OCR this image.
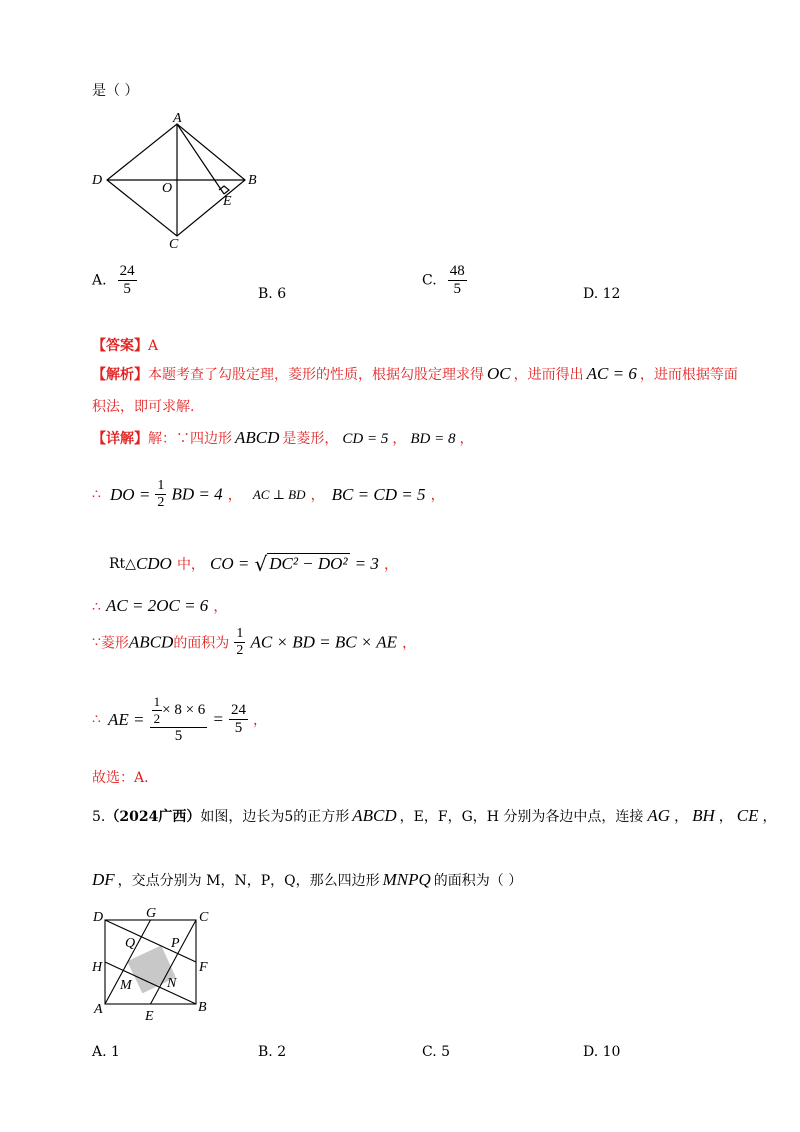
是（ ）
A
B
C
D
O
E
A. $\frac{24}{5}$	B. 6
C. $\frac{48}{5}$	D. 12
【答案】A
【解析】本题考查了勾股定理，菱形的性质，根据勾股定理求得 OC ，进而得出 AC = 6 ，进而根据等面
积法，即可求解.
【详解】解：∵四边形 ABCD 是菱形， CD = 5 ， BD = 8 ，
∴ DO = $\frac{1}{2}$ BD = 4 ， AC ⊥ BD ， BC = CD = 5 ，
Rt△CDO 中， CO = √ DC² − DO² = 3 ，
∴ AC = 2OC = 6 ，
∵菱形ABCD的面积为 $\frac{1}{2}$ AC × BD = BC × AE ，
∴ AE = $\frac{\frac{1}{2} \times 8 \times 6}{5} = \frac{24}{5}$ ，
故选：A.
5.（2024广西）如图，边长为5的正方形 ABCD ，E，F，G，H 分别为各边中点，连接 AG ， BH ， CE ，
DF ，交点分别为 M，N，P，Q，那么四边形 MNPQ 的面积为（ ）
D	G	C
Q	P
H	F
M	N
A	B
E
A. 1	B. 2	C. 5	D. 10
